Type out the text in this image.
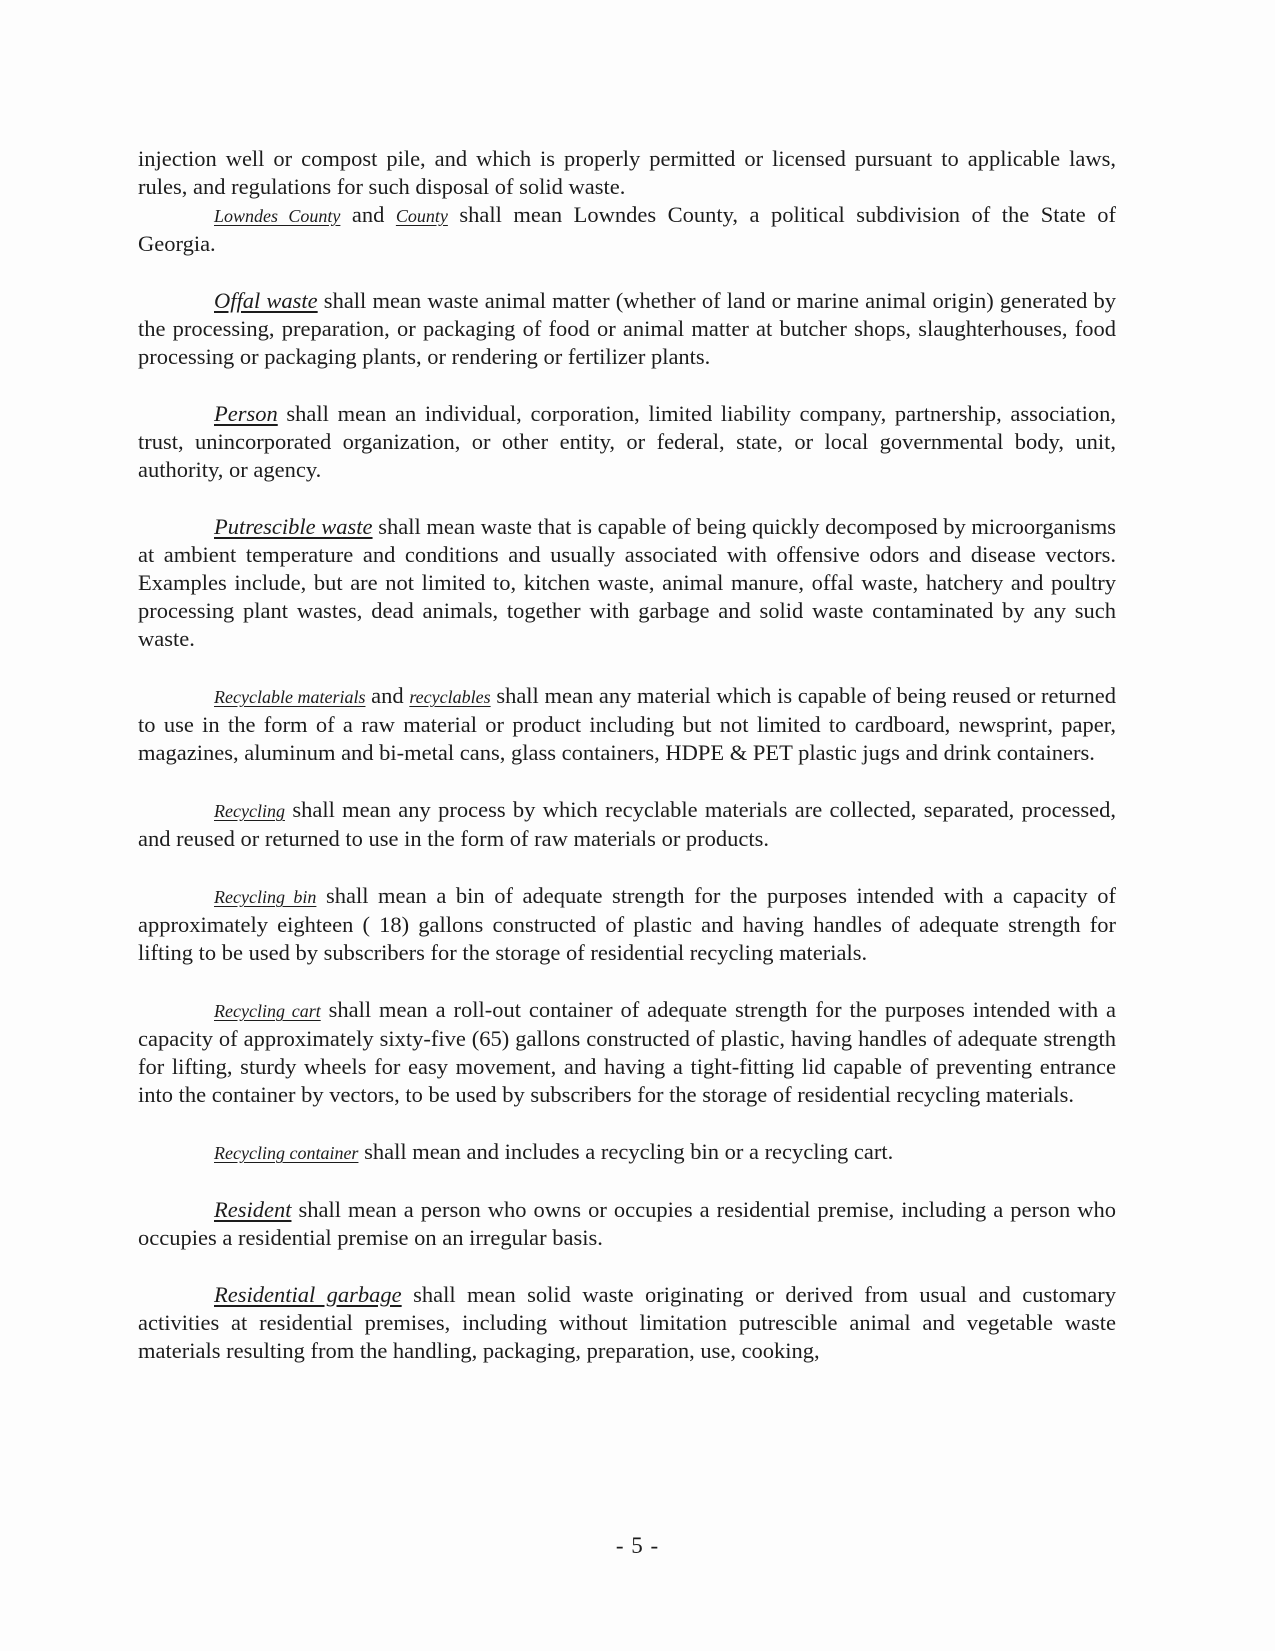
injection well or compost pile, and which is properly permitted or licensed pursuant to applicable laws, rules, and regulations for such disposal of solid waste.

Lowndes County and County shall mean Lowndes County, a political subdivision of the State of Georgia.

Offal waste shall mean waste animal matter (whether of land or marine animal origin) generated by the processing, preparation, or packaging of food or animal matter at butcher shops, slaughterhouses, food processing or packaging plants, or rendering or fertilizer plants.

Person shall mean an individual, corporation, limited liability company, partnership, association, trust, unincorporated organization, or other entity, or federal, state, or local governmental body, unit, authority, or agency.

Putrescible waste shall mean waste that is capable of being quickly decomposed by microorganisms at ambient temperature and conditions and usually associated with offensive odors and disease vectors. Examples include, but are not limited to, kitchen waste, animal manure, offal waste, hatchery and poultry processing plant wastes, dead animals, together with garbage and solid waste contaminated by any such waste.

Recyclable materials and recyclables shall mean any material which is capable of being reused or returned to use in the form of a raw material or product including but not limited to cardboard, newsprint, paper, magazines, aluminum and bi-metal cans, glass containers, HDPE & PET plastic jugs and drink containers.

Recycling shall mean any process by which recyclable materials are collected, separated, processed, and reused or returned to use in the form of raw materials or products.

Recycling bin shall mean a bin of adequate strength for the purposes intended with a capacity of approximately eighteen ( 18) gallons constructed of plastic and having handles of adequate strength for lifting to be used by subscribers for the storage of residential recycling materials.

Recycling cart shall mean a roll-out container of adequate strength for the purposes intended with a capacity of approximately sixty-five (65) gallons constructed of plastic, having handles of adequate strength for lifting, sturdy wheels for easy movement, and having a tight-fitting lid capable of preventing entrance into the container by vectors, to be used by subscribers for the storage of residential recycling materials.

Recycling container shall mean and includes a recycling bin or a recycling cart.

Resident shall mean a person who owns or occupies a residential premise, including a person who occupies a residential premise on an irregular basis.

Residential garbage shall mean solid waste originating or derived from usual and customary activities at residential premises, including without limitation putrescible animal and vegetable waste materials resulting from the handling, packaging, preparation, use, cooking,

- 5 -
